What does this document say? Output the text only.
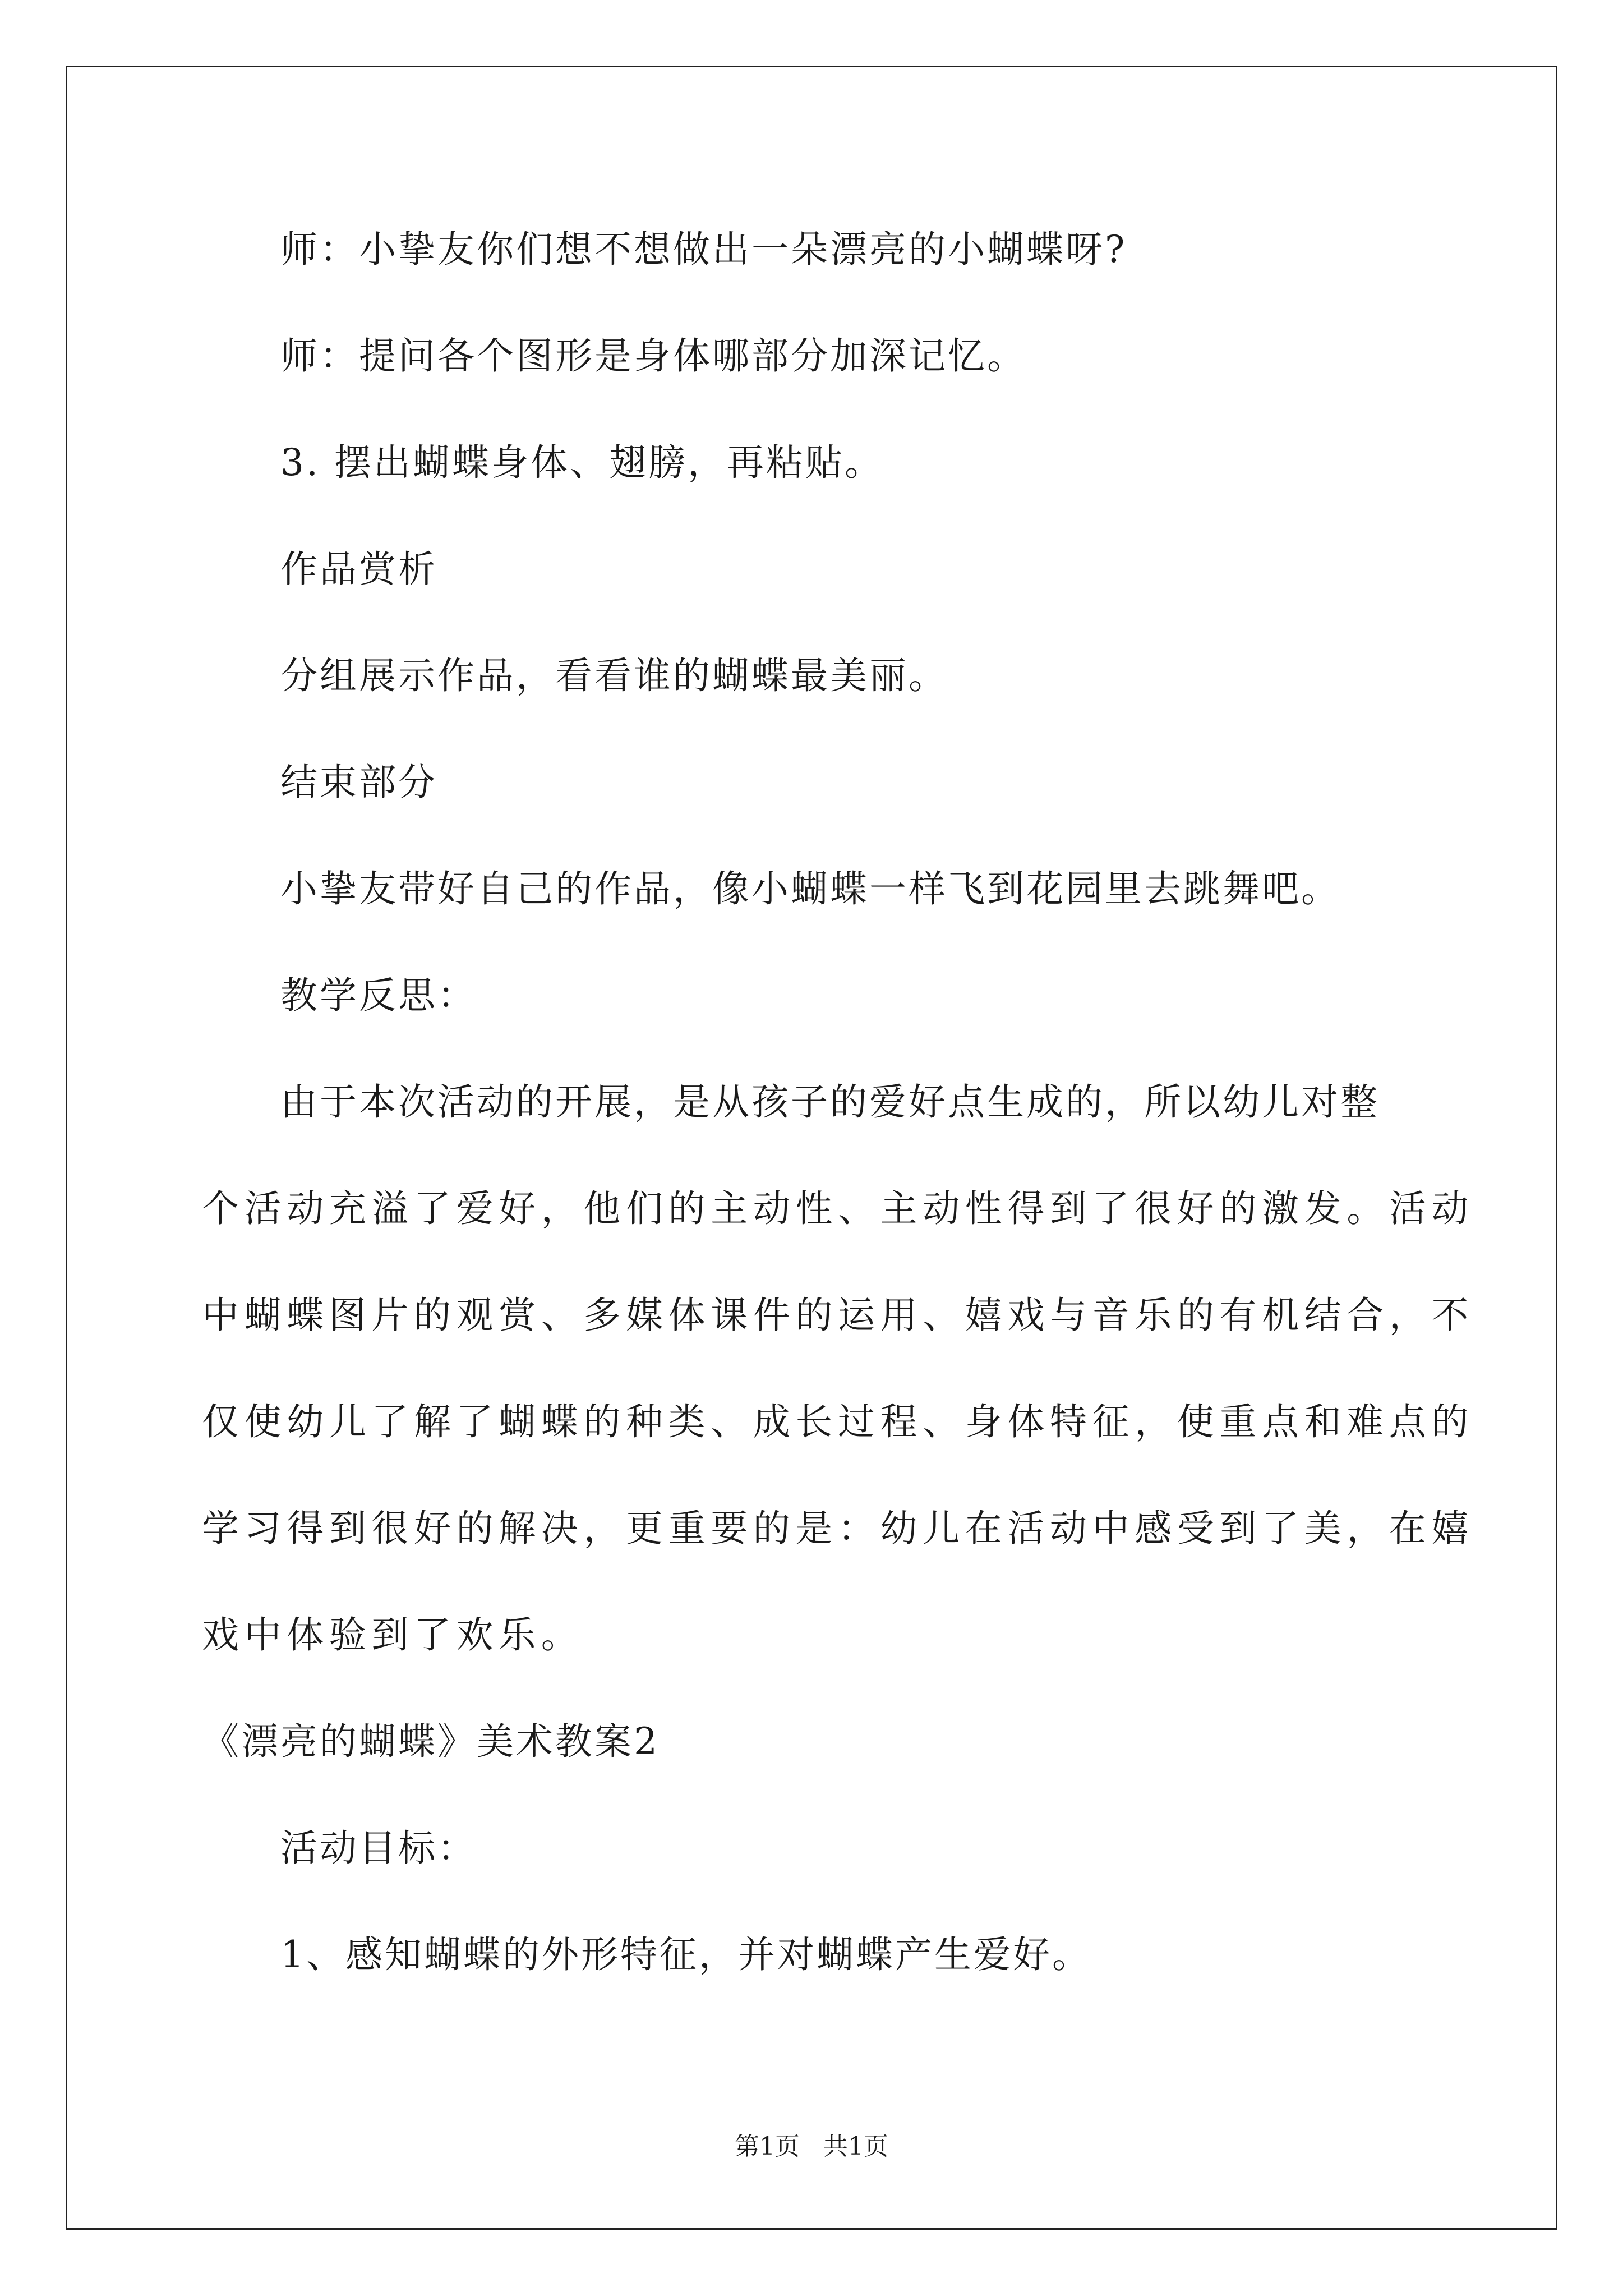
师：小挚友你们想不想做出一朵漂亮的小蝴蝶呀?
师：提问各个图形是身体哪部分加深记忆。
3. 摆出蝴蝶身体、翅膀，再粘贴。
作品赏析
分组展示作品，看看谁的蝴蝶最美丽。
结束部分
小挚友带好自己的作品，像小蝴蝶一样飞到花园里去跳舞吧。
教学反思：
由于本次活动的开展，是从孩子的爱好点生成的，所以幼儿对整
个活动充溢了爱好，他们的主动性、主动性得到了很好的激发。活动
中蝴蝶图片的观赏、多媒体课件的运用、嬉戏与音乐的有机结合，不
仅使幼儿了解了蝴蝶的种类、成长过程、身体特征，使重点和难点的
学习得到很好的解决，更重要的是：幼儿在活动中感受到了美，在嬉
戏中体验到了欢乐。
《漂亮的蝴蝶》美术教案2
活动目标：
1、感知蝴蝶的外形特征，并对蝴蝶产生爱好。
第1页   共1页
